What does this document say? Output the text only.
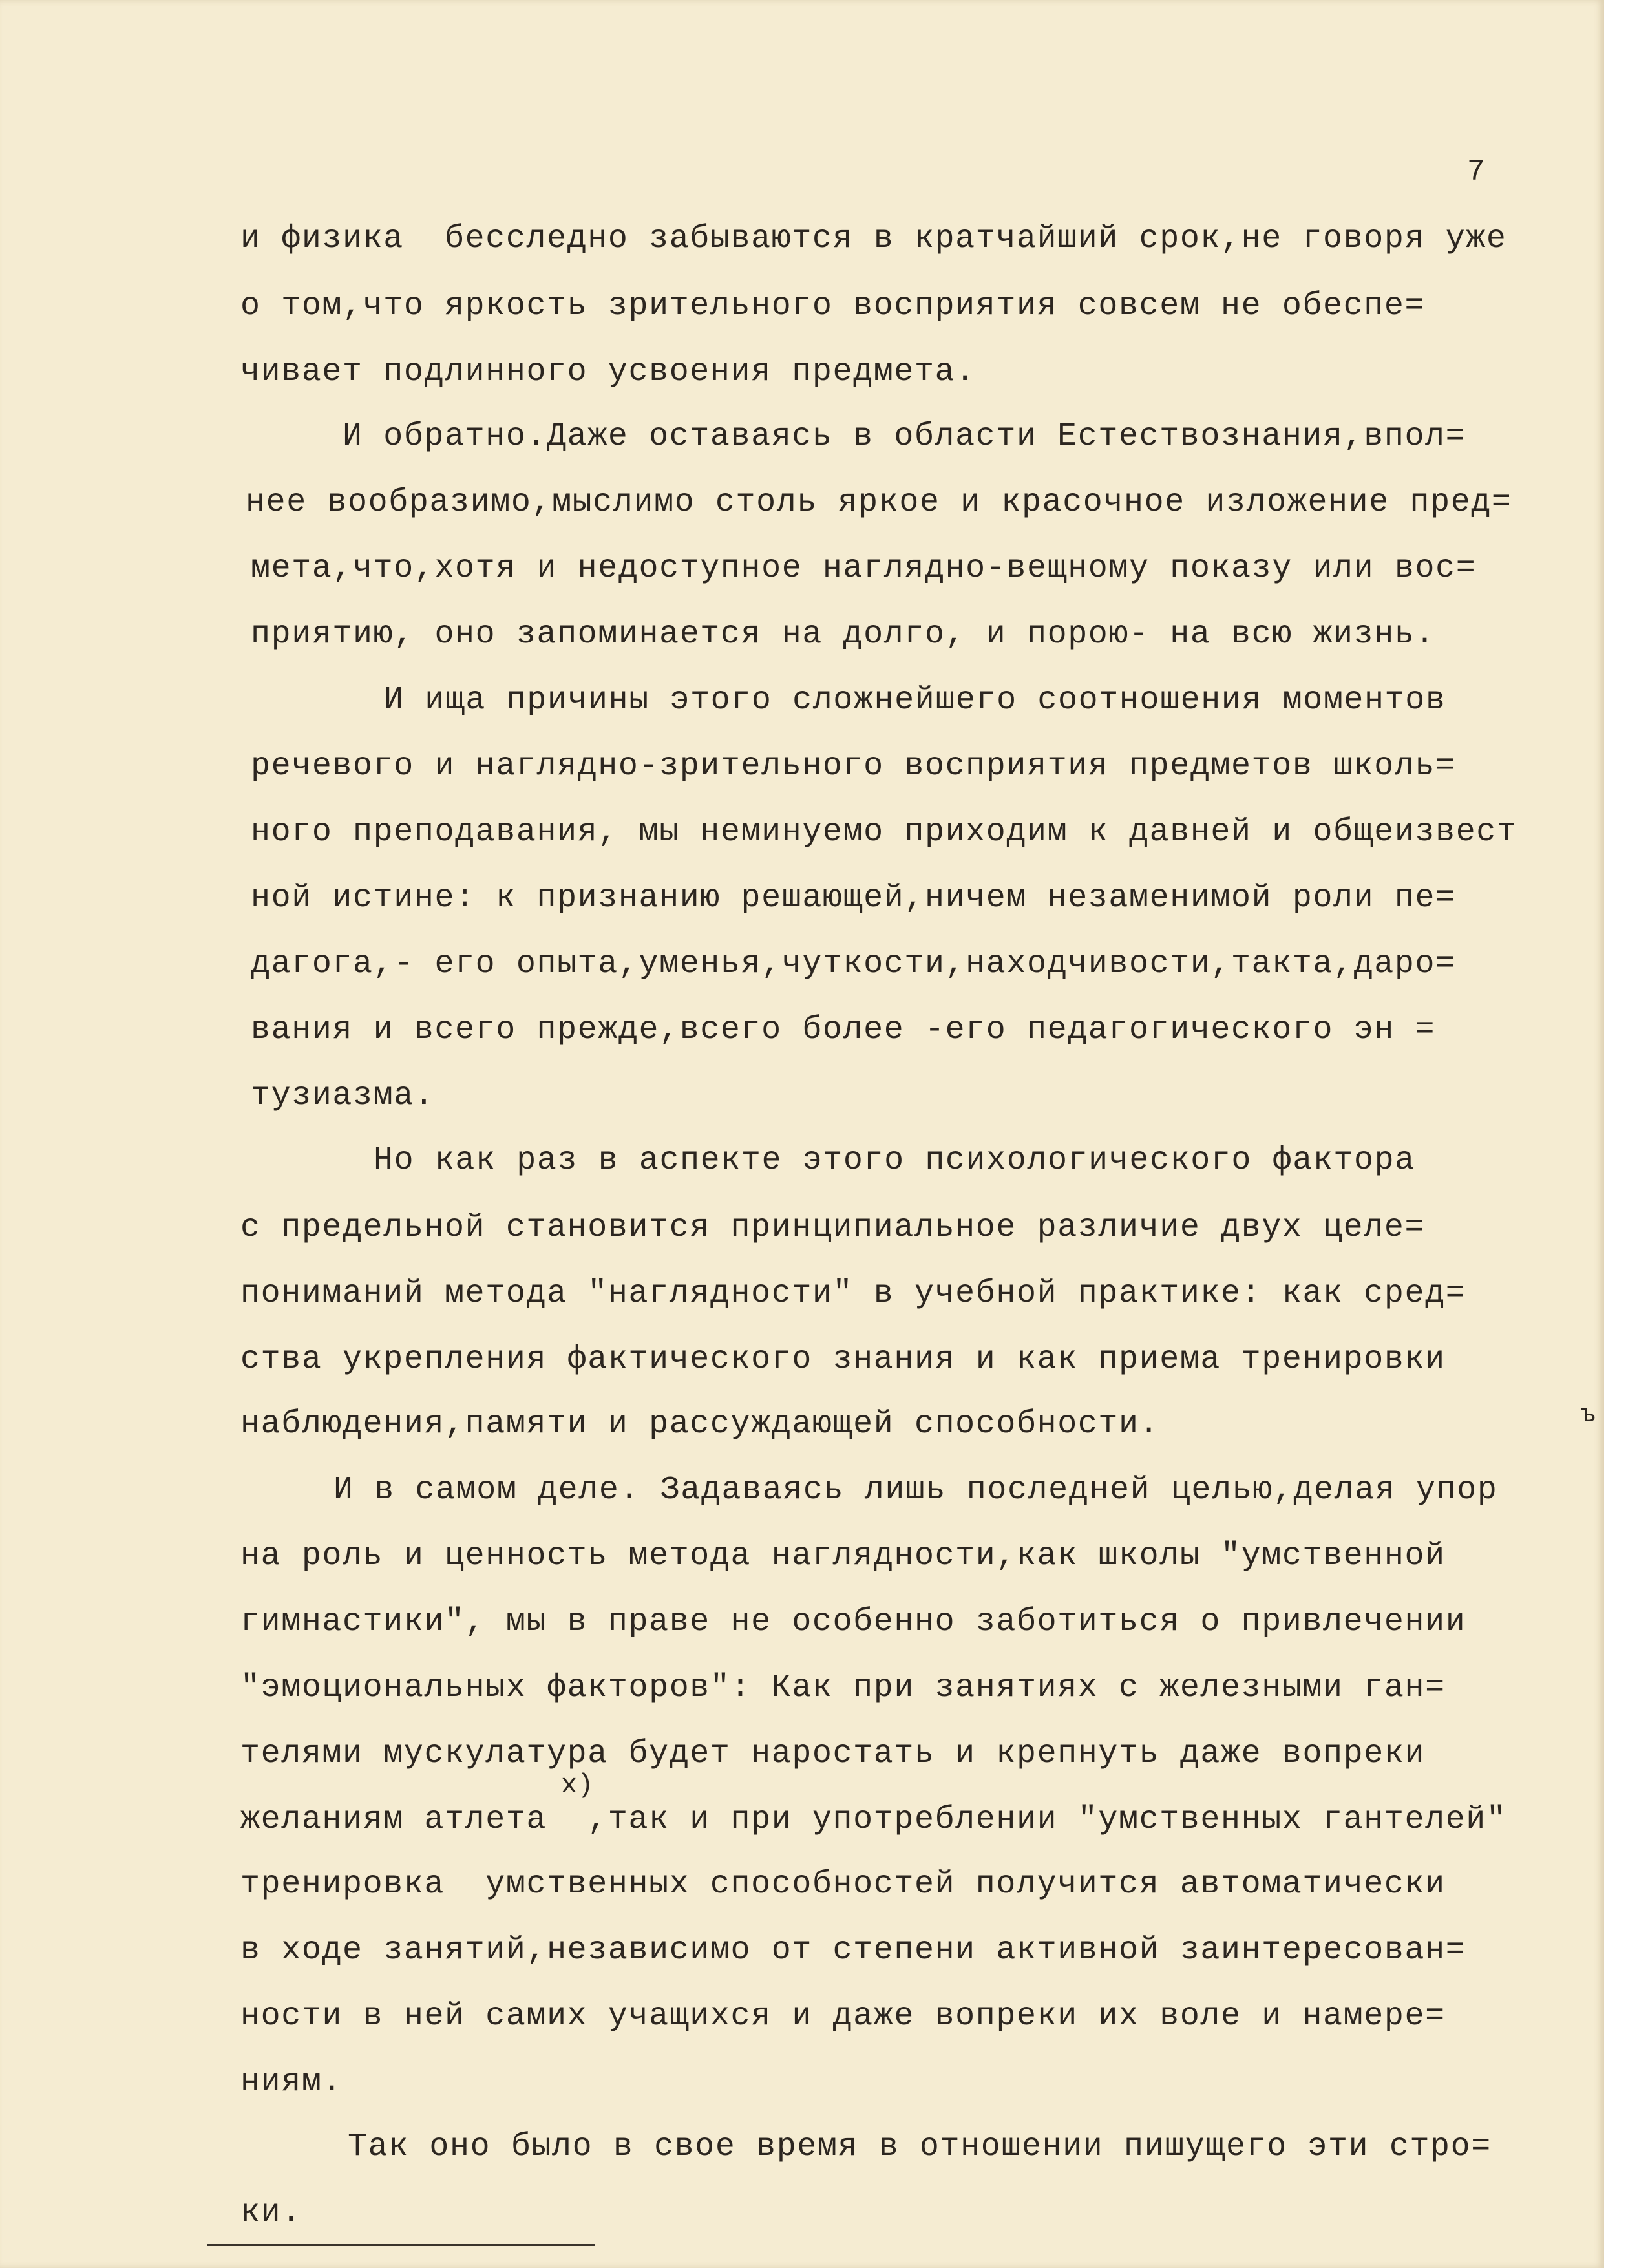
7
и физика  бесследно забываются в кратчайший срок,не говоря уже
о том,что яркость зрительного восприятия совсем не обеспе=
чивает подлинного усвоения предмета.
И обратно.Даже оставаясь в области Естествознания,впол=
нее вообразимо,мыслимо столь яркое и красочное изложение пред=
мета,что,хотя и недоступное наглядно-вещному показу или вос=
приятию, оно запоминается на долго, и порою- на всю жизнь.
И ища причины этого сложнейшего соотношения моментов
речевого и наглядно-зрительного восприятия предметов школь=
ного преподавания, мы неминуемо приходим к давней и общеизвест
ной истине: к признанию решающей,ничем незаменимой роли пе=
дагога,- его опыта,уменья,чуткости,находчивости,такта,даро=
вания и всего прежде,всего более -его педагогического эн =
тузиазма.
Но как раз в аспекте этого психологического фактора
с предельной становится принципиальное различие двух целе=
пониманий метода "наглядности" в учебной практике: как сред=
ства укрепления фактического знания и как приема тренировки
наблюдения,памяти и рассуждающей способности.
И в самом деле. Задаваясь лишь последней целью,делая упор
на роль и ценность метода наглядности,как школы "умственной
гимнастики", мы в праве не особенно заботиться о привлечении
"эмоциональных факторов": Как при занятиях с железными ган=
телями мускулатура будет наростать и крепнуть даже вопреки
x)
желаниям атлета  ,так и при употреблении "умственных гантелей"
тренировка  умственных способностей получится автоматически
в ходе занятий,независимо от степени активной заинтересован=
ности в ней самих учащихся и даже вопреки их воле и намере=
ниям.
Так оно было в свое время в отношении пишущего эти стро=
ки.
ъ
